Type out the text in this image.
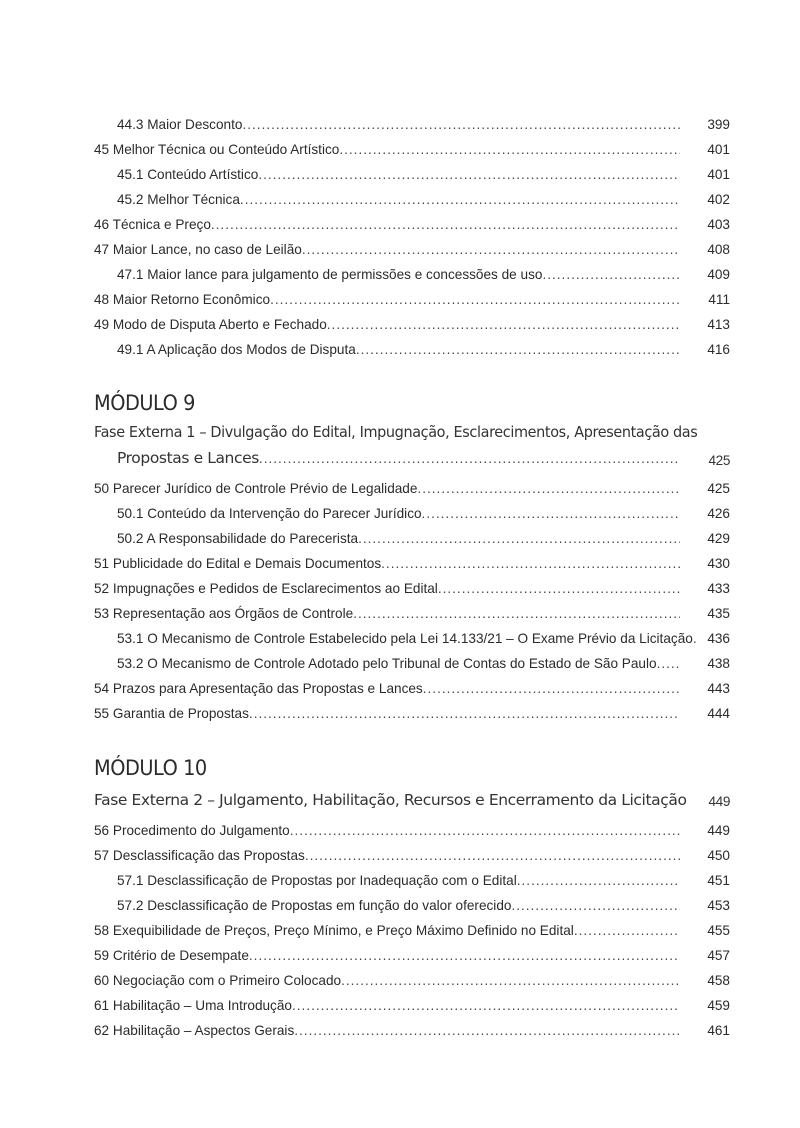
44.3 Maior Desconto .....	399
45 Melhor Técnica ou Conteúdo Artístico .....	401
45.1 Conteúdo Artístico .....	401
45.2 Melhor Técnica .....	402
46 Técnica e Preço .....	403
47 Maior Lance, no caso de Leilão .....	408
47.1 Maior lance para julgamento de permissões e concessões de uso .....	409
48 Maior Retorno Econômico .....	411
49 Modo de Disputa Aberto e Fechado .....	413
49.1 A Aplicação dos Modos de Disputa .....	416
MÓDULO 9
Fase Externa 1 – Divulgação do Edital, Impugnação, Esclarecimentos, Apresentação das
Propostas e Lances .....	425
50 Parecer Jurídico de Controle Prévio de Legalidade .....	425
50.1 Conteúdo da Intervenção do Parecer Jurídico .....	426
50.2 A Responsabilidade do Parecerista .....	429
51 Publicidade do Edital e Demais Documentos .....	430
52 Impugnações e Pedidos de Esclarecimentos ao Edital .....	433
53 Representação aos Órgãos de Controle .....	435
53.1 O Mecanismo de Controle Estabelecido pela Lei 14.133/21 – O Exame Prévio da Licitação .....	436
53.2 O Mecanismo de Controle Adotado pelo Tribunal de Contas do Estado de São Paulo .....	438
54 Prazos para Apresentação das Propostas e Lances .....	443
55 Garantia de Propostas .....	444
MÓDULO 10
Fase Externa 2 – Julgamento, Habilitação, Recursos e Encerramento da Licitação	449
56 Procedimento do Julgamento .....	449
57 Desclassificação das Propostas .....	450
57.1 Desclassificação de Propostas por Inadequação com o Edital .....	451
57.2 Desclassificação de Propostas em função do valor oferecido .....	453
58 Exequibilidade de Preços, Preço Mínimo, e Preço Máximo Definido no Edital .....	455
59 Critério de Desempate .....	457
60 Negociação com o Primeiro Colocado .....	458
61 Habilitação – Uma Introdução .....	459
62 Habilitação – Aspectos Gerais .....	461
